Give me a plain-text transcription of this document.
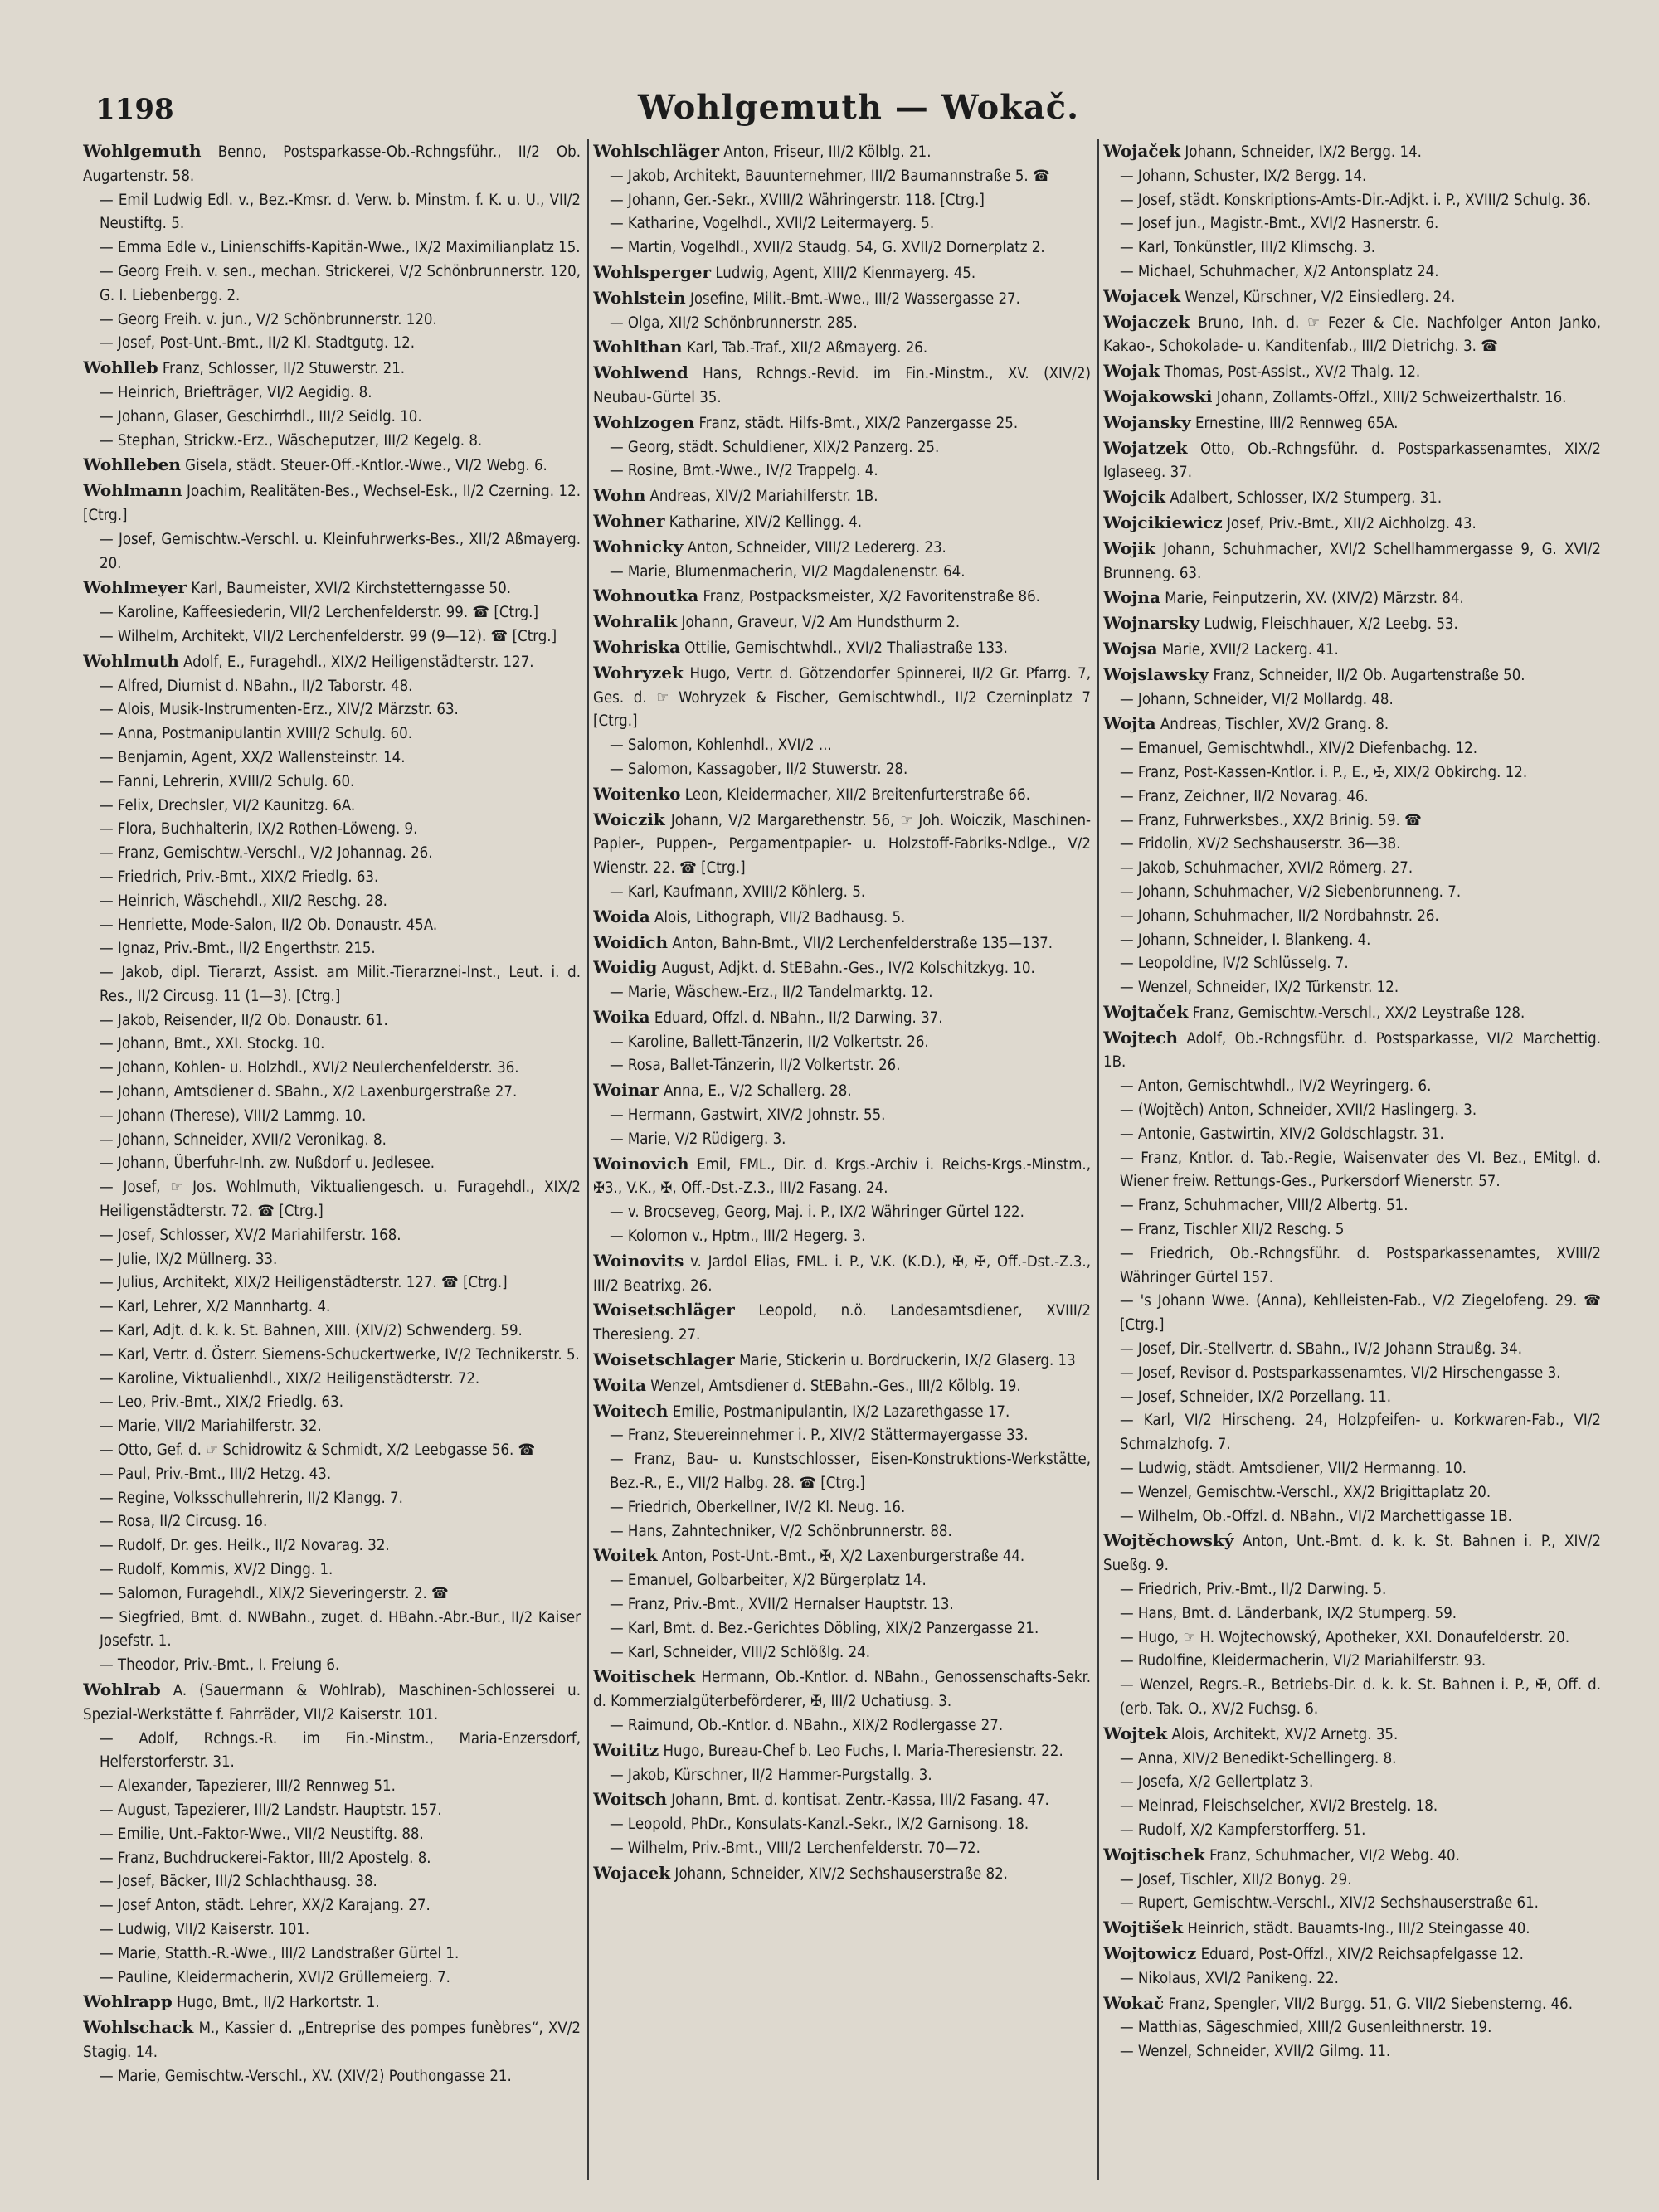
1198	Wohlgemuth — Wokač.

Wohlgemuth Benno, Postsparkasse-Ob.-Rchngsführ., II/2 Ob. Augartenstr. 58.

— Emil Ludwig Edl. v., Bez.-Kmsr. d. Verw. b. Minstm. f. K. u. U., VII/2 Neustiftg. 5.

— Emma Edle v., Linienschiffs-Kapitän-Wwe., IX/2 Maximilianplatz 15.

— Georg Freih. v. sen., mechan. Strickerei, V/2 Schönbrunnerstr. 120, G. I. Liebenbergg. 2.

— Georg Freih. v. jun., V/2 Schönbrunnerstr. 120.

— Josef, Post-Unt.-Bmt., II/2 Kl. Stadtgutg. 12.

Wohlleb Franz, Schlosser, II/2 Stuwerstr. 21.

— Heinrich, Briefträger, VI/2 Aegidig. 8.

— Johann, Glaser, Geschirrhdl., III/2 Seidlg. 10.

— Stephan, Strickw.-Erz., Wäscheputzer, III/2 Kegelg. 8.

Wohlleben Gisela, städt. Steuer-Off.-Kntlor.-Wwe., VI/2 Webg. 6.

Wohlmann Joachim, Realitäten-Bes., Wechsel-Esk., II/2 Czerning. 12. [Ctrg.]

— Josef, Gemischtw.-Verschl. u. Kleinfuhrwerks-Bes., XII/2 Aßmayerg. 20.

Wohlmeyer Karl, Baumeister, XVI/2 Kirchstetterngasse 50.

— Karoline, Kaffeesiederin, VII/2 Lerchenfelderstr. 99. ☎ [Ctrg.]

— Wilhelm, Architekt, VII/2 Lerchenfelderstr. 99 (9—12). ☎ [Ctrg.]

Wohlmuth Adolf, E., Furagehdl., XIX/2 Heiligenstädterstr. 127.

— Alfred, Diurnist d. NBahn., II/2 Taborstr. 48.

— Alois, Musik-Instrumenten-Erz., XIV/2 Märzstr. 63.

— Anna, Postmanipulantin XVIII/2 Schulg. 60.

— Benjamin, Agent, XX/2 Wallensteinstr. 14.

— Fanni, Lehrerin, XVIII/2 Schulg. 60.

— Felix, Drechsler, VI/2 Kaunitzg. 6A.

— Flora, Buchhalterin, IX/2 Rothen-Löweng. 9.

— Franz, Gemischtw.-Verschl., V/2 Johannag. 26.

— Friedrich, Priv.-Bmt., XIX/2 Friedlg. 63.

— Heinrich, Wäschehdl., XII/2 Reschg. 28.

— Henriette, Mode-Salon, II/2 Ob. Donaustr. 45A.

— Ignaz, Priv.-Bmt., II/2 Engerthstr. 215.

— Jakob, dipl. Tierarzt, Assist. am Milit.-Tierarznei-Inst., Leut. i. d. Res., II/2 Circusg. 11 (1—3). [Ctrg.]

— Jakob, Reisender, II/2 Ob. Donaustr. 61.

— Johann, Bmt., XXI. Stockg. 10.

— Johann, Kohlen- u. Holzhdl., XVI/2 Neulerchenfelderstr. 36.

— Johann, Amtsdiener d. SBahn., X/2 Laxenburgerstraße 27.

— Johann (Therese), VIII/2 Lammg. 10.

— Johann, Schneider, XVII/2 Veronikag. 8.

— Johann, Überfuhr-Inh. zw. Nußdorf u. Jedlesee.

— Josef, ☞ Jos. Wohlmuth, Viktualiengesch. u. Furagehdl., XIX/2 Heiligenstädterstr. 72. ☎ [Ctrg.]

— Josef, Schlosser, XV/2 Mariahilferstr. 168.

— Julie, IX/2 Müllnerg. 33.

— Julius, Architekt, XIX/2 Heiligenstädterstr. 127. ☎ [Ctrg.]

— Karl, Lehrer, X/2 Mannhartg. 4.

— Karl, Adjt. d. k. k. St. Bahnen, XIII. (XIV/2) Schwenderg. 59.

— Karl, Vertr. d. Österr. Siemens-Schuckertwerke, IV/2 Technikerstr. 5.

— Karoline, Viktualienhdl., XIX/2 Heiligenstädterstr. 72.

— Leo, Priv.-Bmt., XIX/2 Friedlg. 63.

— Marie, VII/2 Mariahilferstr. 32.

— Otto, Gef. d. ☞ Schidrowitz & Schmidt, X/2 Leebgasse 56. ☎

— Paul, Priv.-Bmt., III/2 Hetzg. 43.

— Regine, Volksschullehrerin, II/2 Klangg. 7.

— Rosa, II/2 Circusg. 16.

— Rudolf, Dr. ges. Heilk., II/2 Novarag. 32.

— Rudolf, Kommis, XV/2 Dingg. 1.

— Salomon, Furagehdl., XIX/2 Sieveringerstr. 2. ☎

— Siegfried, Bmt. d. NWBahn., zuget. d. HBahn.-Abr.-Bur., II/2 Kaiser Josefstr. 1.

— Theodor, Priv.-Bmt., I. Freiung 6.

Wohlrab A. (Sauermann & Wohlrab), Maschinen-Schlosserei u. Spezial-Werkstätte f. Fahrräder, VII/2 Kaiserstr. 101.

— Adolf, Rchngs.-R. im Fin.-Minstm., Maria-Enzersdorf, Helferstorferstr. 31.

— Alexander, Tapezierer, III/2 Rennweg 51.

— August, Tapezierer, III/2 Landstr. Hauptstr. 157.

— Emilie, Unt.-Faktor-Wwe., VII/2 Neustiftg. 88.

— Franz, Buchdruckerei-Faktor, III/2 Apostelg. 8.

— Josef, Bäcker, III/2 Schlachthausg. 38.

— Josef Anton, städt. Lehrer, XX/2 Karajang. 27.

— Ludwig, VII/2 Kaiserstr. 101.

— Marie, Statth.-R.-Wwe., III/2 Landstraßer Gürtel 1.

— Pauline, Kleidermacherin, XVI/2 Grüllemeierg. 7.

Wohlrapp Hugo, Bmt., II/2 Harkortstr. 1.

Wohlschack M., Kassier d. „Entreprise des pompes funèbres“, XV/2 Stagig. 14.

— Marie, Gemischtw.-Verschl., XV. (XIV/2) Pouthongasse 21.

Wohlschläger Anton, Friseur, III/2 Kölblg. 21.

— Jakob, Architekt, Bauunternehmer, III/2 Baumannstraße 5. ☎

— Johann, Ger.-Sekr., XVIII/2 Währingerstr. 118. [Ctrg.]

— Katharine, Vogelhdl., XVII/2 Leitermayerg. 5.

— Martin, Vogelhdl., XVII/2 Staudg. 54, G. XVII/2 Dornerplatz 2.

Wohlsperger Ludwig, Agent, XIII/2 Kienmayerg. 45.

Wohlstein Josefine, Milit.-Bmt.-Wwe., III/2 Wassergasse 27.

— Olga, XII/2 Schönbrunnerstr. 285.

Wohlthan Karl, Tab.-Traf., XII/2 Aßmayerg. 26.

Wohlwend Hans, Rchngs.-Revid. im Fin.-Minstm., XV. (XIV/2) Neubau-Gürtel 35.

Wohlzogen Franz, städt. Hilfs-Bmt., XIX/2 Panzergasse 25.

— Georg, städt. Schuldiener, XIX/2 Panzerg. 25.

— Rosine, Bmt.-Wwe., IV/2 Trappelg. 4.

Wohn Andreas, XIV/2 Mariahilferstr. 1B.

Wohner Katharine, XIV/2 Kellingg. 4.

Wohnicky Anton, Schneider, VIII/2 Ledererg. 23.

— Marie, Blumenmacherin, VI/2 Magdalenenstr. 64.

Wohnoutka Franz, Postpacksmeister, X/2 Favoritenstraße 86.

Wohralik Johann, Graveur, V/2 Am Hundsthurm 2.

Wohriska Ottilie, Gemischtwhdl., XVI/2 Thaliastraße 133.

Wohryzek Hugo, Vertr. d. Götzendorfer Spinnerei, II/2 Gr. Pfarrg. 7, Ges. d. ☞ Wohryzek & Fischer, Gemischtwhdl., II/2 Czerninplatz 7 [Ctrg.]

— Salomon, Kohlenhdl., XVI/2 ...

— Salomon, Kassagober, II/2 Stuwerstr. 28.

Woitenko Leon, Kleidermacher, XII/2 Breitenfurterstraße 66.

Woiczik Johann, V/2 Margarethenstr. 56, ☞ Joh. Woiczik, Maschinen-Papier-, Puppen-, Pergamentpapier- u. Holzstoff-Fabriks-Ndlge., V/2 Wienstr. 22. ☎ [Ctrg.]

— Karl, Kaufmann, XVIII/2 Köhlerg. 5.

Woida Alois, Lithograph, VII/2 Badhausg. 5.

Woidich Anton, Bahn-Bmt., VII/2 Lerchenfelderstraße 135—137.

Woidig August, Adjkt. d. StEBahn.-Ges., IV/2 Kolschitzkyg. 10.

— Marie, Wäschew.-Erz., II/2 Tandelmarktg. 12.

Woika Eduard, Offzl. d. NBahn., II/2 Darwing. 37.

— Karoline, Ballett-Tänzerin, II/2 Volkertstr. 26.

— Rosa, Ballet-Tänzerin, II/2 Volkertstr. 26.

Woinar Anna, E., V/2 Schallerg. 28.

— Hermann, Gastwirt, XIV/2 Johnstr. 55.

— Marie, V/2 Rüdigerg. 3.

Woinovich Emil, FML., Dir. d. Krgs.-Archiv i. Reichs-Krgs.-Minstm., ✠3., V.K., ✠, Off.-Dst.-Z.3., III/2 Fasang. 24.

— v. Brocseveg, Georg, Maj. i. P., IX/2 Währinger Gürtel 122.

— Kolomon v., Hptm., III/2 Hegerg. 3.

Woinovits v. Jardol Elias, FML. i. P., V.K. (K.D.), ✠, ✠, Off.-Dst.-Z.3., III/2 Beatrixg. 26.

Woisetschläger Leopold, n.ö. Landesamtsdiener, XVIII/2 Theresieng. 27.

Woisetschlager Marie, Stickerin u. Bordruckerin, IX/2 Glaserg. 13

Woita Wenzel, Amtsdiener d. StEBahn.-Ges., III/2 Kölblg. 19.

Woitech Emilie, Postmanipulantin, IX/2 Lazarethgasse 17.

— Franz, Steuereinnehmer i. P., XIV/2 Stättermayergasse 33.

— Franz, Bau- u. Kunstschlosser, Eisen-Konstruktions-Werkstätte, Bez.-R., E., VII/2 Halbg. 28. ☎ [Ctrg.]

— Friedrich, Oberkellner, IV/2 Kl. Neug. 16.

— Hans, Zahntechniker, V/2 Schönbrunnerstr. 88.

Woitek Anton, Post-Unt.-Bmt., ✠, X/2 Laxenburgerstraße 44.

— Emanuel, Golbarbeiter, X/2 Bürgerplatz 14.

— Franz, Priv.-Bmt., XVII/2 Hernalser Hauptstr. 13.

— Karl, Bmt. d. Bez.-Gerichtes Döbling, XIX/2 Panzergasse 21.

— Karl, Schneider, VIII/2 Schlößlg. 24.

Woitischek Hermann, Ob.-Kntlor. d. NBahn., Genossenschafts-Sekr. d. Kommerzialgüterbeförderer, ✠, III/2 Uchatiusg. 3.

— Raimund, Ob.-Kntlor. d. NBahn., XIX/2 Rodlergasse 27.

Woititz Hugo, Bureau-Chef b. Leo Fuchs, I. Maria-Theresienstr. 22.

— Jakob, Kürschner, II/2 Hammer-Purgstallg. 3.

Woitsch Johann, Bmt. d. kontisat. Zentr.-Kassa, III/2 Fasang. 47.

— Leopold, PhDr., Konsulats-Kanzl.-Sekr., IX/2 Garnisong. 18.

— Wilhelm, Priv.-Bmt., VIII/2 Lerchenfelderstr. 70—72.

Wojacek Johann, Schneider, XIV/2 Sechshauserstraße 82.

Wojaček Johann, Schneider, IX/2 Bergg. 14.

— Johann, Schuster, IX/2 Bergg. 14.

— Josef, städt. Konskriptions-Amts-Dir.-Adjkt. i. P., XVIII/2 Schulg. 36.

— Josef jun., Magistr.-Bmt., XVI/2 Hasnerstr. 6.

— Karl, Tonkünstler, III/2 Klimschg. 3.

— Michael, Schuhmacher, X/2 Antonsplatz 24.

Wojacek Wenzel, Kürschner, V/2 Einsiedlerg. 24.

Wojaczek Bruno, Inh. d. ☞ Fezer & Cie. Nachfolger Anton Janko, Kakao-, Schokolade- u. Kanditenfab., III/2 Dietrichg. 3. ☎

Wojak Thomas, Post-Assist., XV/2 Thalg. 12.

Wojakowski Johann, Zollamts-Offzl., XIII/2 Schweizerthalstr. 16.

Wojansky Ernestine, III/2 Rennweg 65A.

Wojatzek Otto, Ob.-Rchngsführ. d. Postsparkassenamtes, XIX/2 Iglaseeg. 37.

Wojcik Adalbert, Schlosser, IX/2 Stumperg. 31.

Wojcikiewicz Josef, Priv.-Bmt., XII/2 Aichholzg. 43.

Wojik Johann, Schuhmacher, XVI/2 Schellhammergasse 9, G. XVI/2 Brunneng. 63.

Wojna Marie, Feinputzerin, XV. (XIV/2) Märzstr. 84.

Wojnarsky Ludwig, Fleischhauer, X/2 Leebg. 53.

Wojsa Marie, XVII/2 Lackerg. 41.

Wojslawsky Franz, Schneider, II/2 Ob. Augartenstraße 50.

— Johann, Schneider, VI/2 Mollardg. 48.

Wojta Andreas, Tischler, XV/2 Grang. 8.

— Emanuel, Gemischtwhdl., XIV/2 Diefenbachg. 12.

— Franz, Post-Kassen-Kntlor. i. P., E., ✠, XIX/2 Obkirchg. 12.

— Franz, Zeichner, II/2 Novarag. 46.

— Franz, Fuhrwerksbes., XX/2 Brinig. 59. ☎

— Fridolin, XV/2 Sechshauserstr. 36—38.

— Jakob, Schuhmacher, XVI/2 Römerg. 27.

— Johann, Schuhmacher, V/2 Siebenbrunneng. 7.

— Johann, Schuhmacher, II/2 Nordbahnstr. 26.

— Johann, Schneider, I. Blankeng. 4.

— Leopoldine, IV/2 Schlüsselg. 7.

— Wenzel, Schneider, IX/2 Türkenstr. 12.

Wojtaček Franz, Gemischtw.-Verschl., XX/2 Leystraße 128.

Wojtech Adolf, Ob.-Rchngsführ. d. Postsparkasse, VI/2 Marchettig. 1B.

— Anton, Gemischtwhdl., IV/2 Weyringerg. 6.

— (Wojtěch) Anton, Schneider, XVII/2 Haslingerg. 3.

— Antonie, Gastwirtin, XIV/2 Goldschlagstr. 31.

— Franz, Kntlor. d. Tab.-Regie, Waisenvater des VI. Bez., EMitgl. d. Wiener freiw. Rettungs-Ges., Purkersdorf Wienerstr. 57.

— Franz, Schuhmacher, VIII/2 Albertg. 51.

— Franz, Tischler XII/2 Reschg. 5

— Friedrich, Ob.-Rchngsführ. d. Postsparkassenamtes, XVIII/2 Währinger Gürtel 157.

— 's Johann Wwe. (Anna), Kehlleisten-Fab., V/2 Ziegelofeng. 29. ☎ [Ctrg.]

— Josef, Dir.-Stellvertr. d. SBahn., IV/2 Johann Straußg. 34.

— Josef, Revisor d. Postsparkassenamtes, VI/2 Hirschengasse 3.

— Josef, Schneider, IX/2 Porzellang. 11.

— Karl, VI/2 Hirscheng. 24, Holzpfeifen- u. Korkwaren-Fab., VI/2 Schmalzhofg. 7.

— Ludwig, städt. Amtsdiener, VII/2 Hermanng. 10.

— Wenzel, Gemischtw.-Verschl., XX/2 Brigittaplatz 20.

— Wilhelm, Ob.-Offzl. d. NBahn., VI/2 Marchettigasse 1B.

Wojtěchowský Anton, Unt.-Bmt. d. k. k. St. Bahnen i. P., XIV/2 Sueßg. 9.

— Friedrich, Priv.-Bmt., II/2 Darwing. 5.

— Hans, Bmt. d. Länderbank, IX/2 Stumperg. 59.

— Hugo, ☞ H. Wojtechowský, Apotheker, XXI. Donaufelderstr. 20.

— Rudolfine, Kleidermacherin, VI/2 Mariahilferstr. 93.

— Wenzel, Regrs.-R., Betriebs-Dir. d. k. k. St. Bahnen i. P., ✠, Off. d. (erb. Tak. O., XV/2 Fuchsg. 6.

Wojtek Alois, Architekt, XV/2 Arnetg. 35.

— Anna, XIV/2 Benedikt-Schellingerg. 8.

— Josefa, X/2 Gellertplatz 3.

— Meinrad, Fleischselcher, XVI/2 Brestelg. 18.

— Rudolf, X/2 Kampferstorfferg. 51.

Wojtischek Franz, Schuhmacher, VI/2 Webg. 40.

— Josef, Tischler, XII/2 Bonyg. 29.

— Rupert, Gemischtw.-Verschl., XIV/2 Sechshauserstraße 61.

Wojtišek Heinrich, städt. Bauamts-Ing., III/2 Steingasse 40.

Wojtowicz Eduard, Post-Offzl., XIV/2 Reichsapfelgasse 12.

— Nikolaus, XVI/2 Panikeng. 22.

Wokač Franz, Spengler, VII/2 Burgg. 51, G. VII/2 Siebensterng. 46.

— Matthias, Sägeschmied, XIII/2 Gusenleithnerstr. 19.

— Wenzel, Schneider, XVII/2 Gilmg. 11.
